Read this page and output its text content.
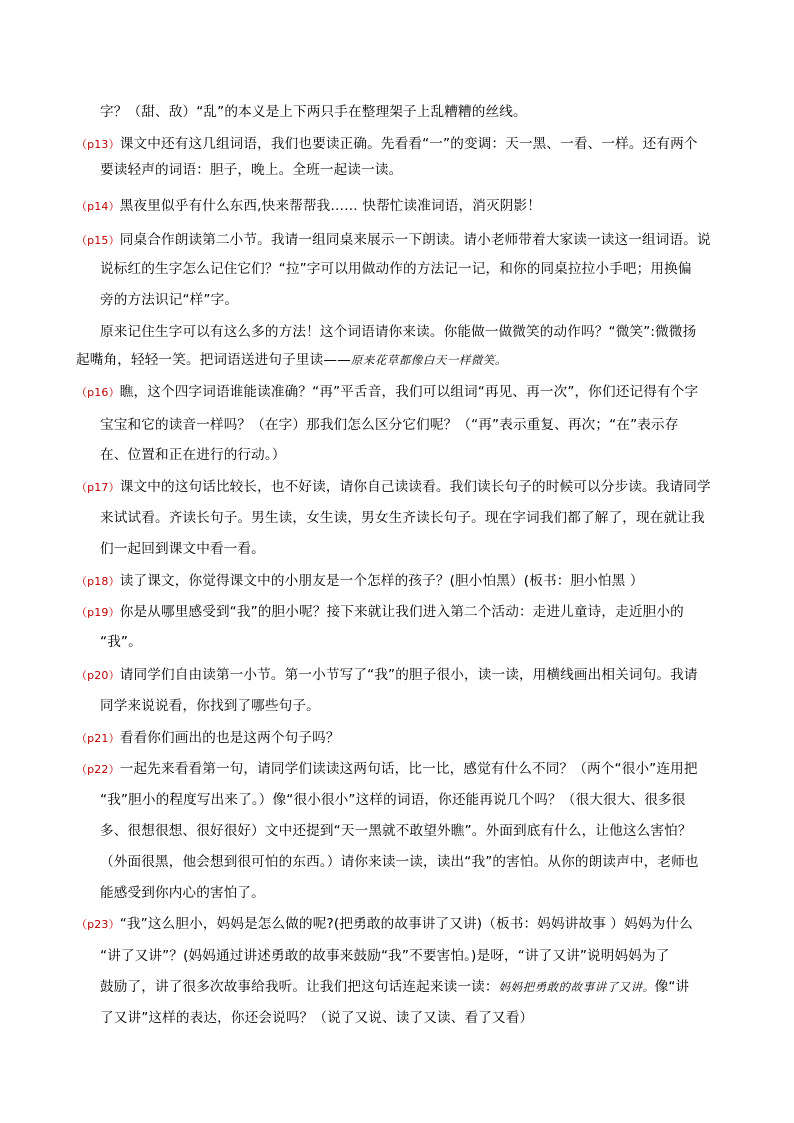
字？（甜、敌）“乱”的本义是上下两只手在整理架子上乱糟糟的丝线。
（p13）课文中还有这几组词语，我们也要读正确。先看看“一”的变调：天一黑、一看、一样。还有两个
要读轻声的词语：胆子，晚上。全班一起读一读。
（p14）黑夜里似乎有什么东西,快来帮帮我…… 快帮忙读准词语，消灭阴影！
（p15）同桌合作朗读第二小节。我请一组同桌来展示一下朗读。请小老师带着大家读一读这一组词语。说
说标红的生字怎么记住它们？“拉”字可以用做动作的方法记一记，和你的同桌拉拉小手吧；用换偏
旁的方法识记“样”字。
原来记住生字可以有这么多的方法！这个词语请你来读。你能做一做微笑的动作吗？“微笑”:微微扬
起嘴角，轻轻一笑。把词语送进句子里读——原来花草都像白天一样微笑。
（p16）瞧，这个四字词语谁能读准确？“再”平舌音，我们可以组词“再见、再一次”，你们还记得有个字
宝宝和它的读音一样吗？（在字）那我们怎么区分它们呢？（“再”表示重复、再次；“在”表示存
在、位置和正在进行的行动。）
（p17）课文中的这句话比较长，也不好读，请你自己读读看。我们读长句子的时候可以分步读。我请同学
来试试看。齐读长句子。男生读，女生读，男女生齐读长句子。现在字词我们都了解了，现在就让我
们一起回到课文中看一看。
（p18）读了课文，你觉得课文中的小朋友是一个怎样的孩子？(胆小怕黑）(板书：胆小怕黑 ）
（p19）你是从哪里感受到“我”的胆小呢？接下来就让我们进入第二个活动：走进儿童诗，走近胆小的
“我”。
（p20）请同学们自由读第一小节。第一小节写了“我”的胆子很小，读一读，用横线画出相关词句。我请
同学来说说看，你找到了哪些句子。
（p21）看看你们画出的也是这两个句子吗？
（p22）一起先来看看第一句，请同学们读读这两句话，比一比，感觉有什么不同？（两个“很小”连用把
“我”胆小的程度写出来了。）像“很小很小”这样的词语，你还能再说几个吗？（很大很大、很多很
多、很想很想、很好很好）文中还提到“天一黑就不敢望外瞧”。外面到底有什么，让他这么害怕？
（外面很黑，他会想到很可怕的东西。）请你来读一读，读出“我”的害怕。从你的朗读声中，老师也
能感受到你内心的害怕了。
（p23）“我”这么胆小，妈妈是怎么做的呢?(把勇敢的故事讲了又讲)（板书：妈妈讲故事 ）妈妈为什么
“讲了又讲”？(妈妈通过讲述勇敢的故事来鼓励“我”不要害怕。)是呀，“讲了又讲”说明妈妈为了
鼓励了，讲了很多次故事给我听。让我们把这句话连起来读一读：妈妈把勇敢的故事讲了又讲。像“讲
了又讲”这样的表达，你还会说吗？（说了又说、读了又读、看了又看）
